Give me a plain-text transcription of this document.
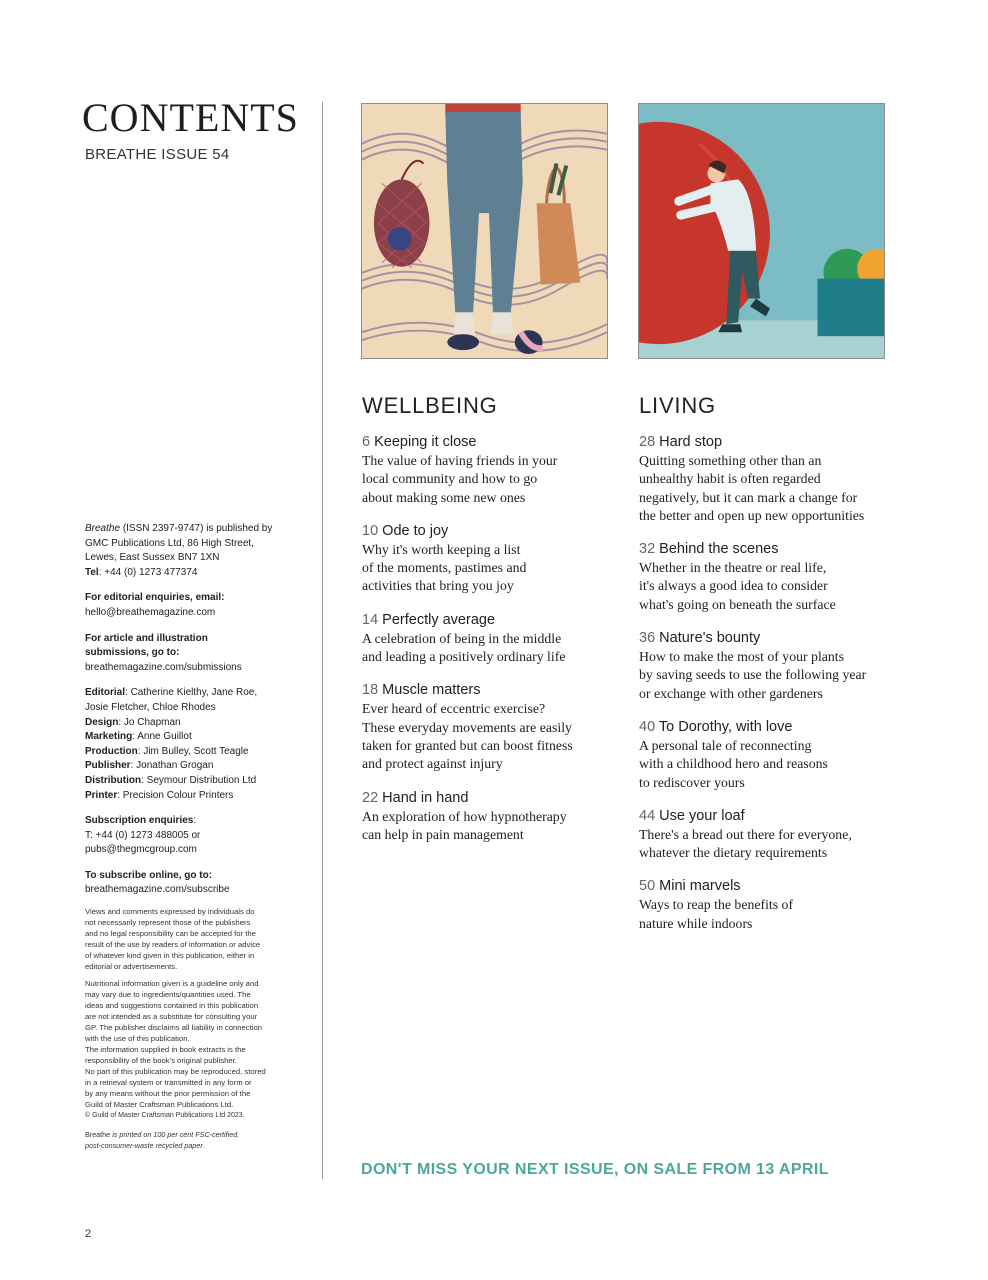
CONTENTS
BREATHE ISSUE 54

Breathe (ISSN 2397-9747) is published by

GMC Publications Ltd, 86 High Street,

Lewes, East Sussex BN7 1XN

Tel: +44 (0) 1273 477374

For editorial enquiries, email:

hello@breathemagazine.com

For article and illustration

submissions, go to:

breathemagazine.com/submissions

Editorial: Catherine Kielthy, Jane Roe,

Josie Fletcher, Chloe Rhodes

Design: Jo Chapman

Marketing: Anne Guillot

Production: Jim Bulley, Scott Teagle

Publisher: Jonathan Grogan

Distribution: Seymour Distribution Ltd

Printer: Precision Colour Printers

Subscription enquiries:

T: +44 (0) 1273 488005 or

pubs@thegmcgroup.com

To subscribe online, go to:

breathemagazine.com/subscribe

Views and comments expressed by individuals do

not necessarily represent those of the publishers

and no legal responsibility can be accepted for the

result of the use by readers of information or advice

of whatever kind given in this publication, either in

editorial or advertisements.

Nutritional information given is a guideline only and

may vary due to ingredients/quantities used. The

ideas and suggestions contained in this publication

are not intended as a substitute for consulting your

GP. The publisher disclaims all liability in connection

with the use of this publication.

The information supplied in book extracts is the

responsibility of the book's original publisher.

No part of this publication may be reproduced, stored

in a retrieval system or transmitted in any form or

by any means without the prior permission of the

Guild of Master Craftsman Publications Ltd.

© Guild of Master Craftsman Publications Ltd 2023.

Breathe is printed on 100 per cent FSC-certified,

post-consumer-waste recycled paper.

2
WELLBEING
6 Keeping it close
The value of having friends in your
local community and how to go
about making some new ones
10 Ode to joy
Why it's worth keeping a list
of the moments, pastimes and
activities that bring you joy
14 Perfectly average
A celebration of being in the middle
and leading a positively ordinary life
18 Muscle matters
Ever heard of eccentric exercise?
These everyday movements are easily
taken for granted but can boost fitness
and protect against injury
22 Hand in hand
An exploration of how hypnotherapy
can help in pain management
LIVING
28 Hard stop
Quitting something other than an
unhealthy habit is often regarded
negatively, but it can mark a change for
the better and open up new opportunities
32 Behind the scenes
Whether in the theatre or real life,
it's always a good idea to consider
what's going on beneath the surface
36 Nature's bounty
How to make the most of your plants
by saving seeds to use the following year
or exchange with other gardeners
40 To Dorothy, with love
A personal tale of reconnecting
with a childhood hero and reasons
to rediscover yours
44 Use your loaf
There's a bread out there for everyone,
whatever the dietary requirements
50 Mini marvels
Ways to reap the benefits of
nature while indoors
DON'T MISS YOUR NEXT ISSUE, ON SALE FROM 13 APRIL
